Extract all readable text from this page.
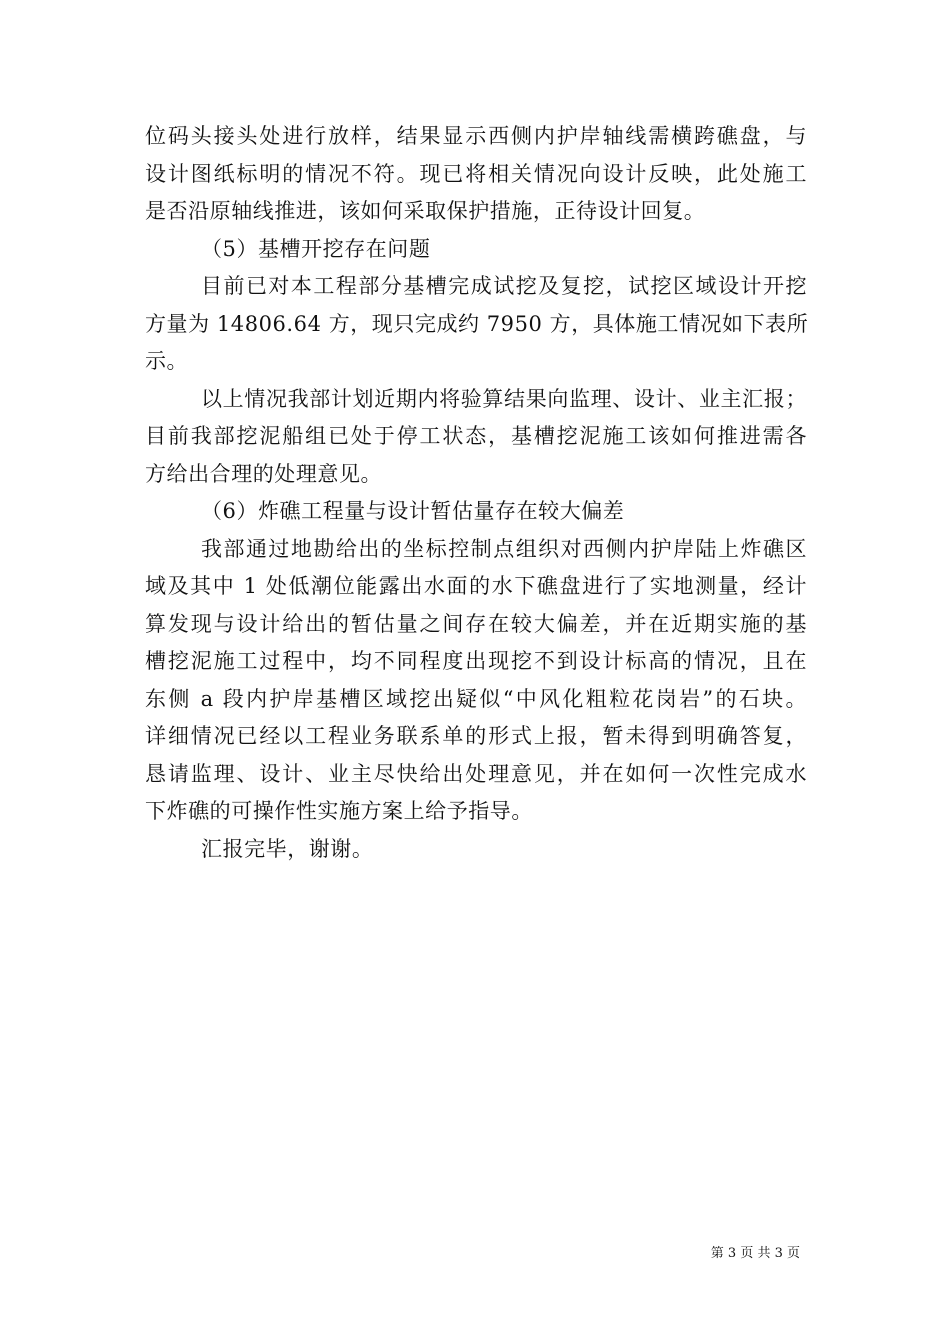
位码头接头处进行放样，结果显示西侧内护岸轴线需横跨礁盘，与
设计图纸标明的情况不符。现已将相关情况向设计反映，此处施工
是否沿原轴线推进，该如何采取保护措施，正待设计回复。
（5）基槽开挖存在问题
目前已对本工程部分基槽完成试挖及复挖，试挖区域设计开挖
方量为 14806.64 方，现只完成约 7950 方，具体施工情况如下表所
示。
以上情况我部计划近期内将验算结果向监理、设计、业主汇报；
目前我部挖泥船组已处于停工状态，基槽挖泥施工该如何推进需各
方给出合理的处理意见。
（6）炸礁工程量与设计暂估量存在较大偏差
我部通过地勘给出的坐标控制点组织对西侧内护岸陆上炸礁区
域及其中 1 处低潮位能露出水面的水下礁盘进行了实地测量，经计
算发现与设计给出的暂估量之间存在较大偏差，并在近期实施的基
槽挖泥施工过程中，均不同程度出现挖不到设计标高的情况，且在
东侧 a 段内护岸基槽区域挖出疑似“中风化粗粒花岗岩”的石块。
详细情况已经以工程业务联系单的形式上报，暂未得到明确答复，
恳请监理、设计、业主尽快给出处理意见，并在如何一次性完成水
下炸礁的可操作性实施方案上给予指导。
汇报完毕，谢谢。
第 3 页 共 3 页
